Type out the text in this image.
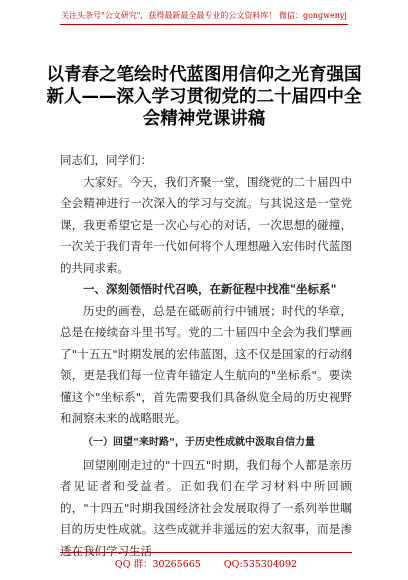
关注头条号"公文研究"，获得最新最全最专业的公文资料库！ 微信：gongwenyj
以青春之笔绘时代蓝图用信仰之光育强国新人——深入学习贯彻党的二十届四中全会精神党课讲稿

同志们，同学们：

大家好。今天，我们齐聚一堂，围绕党的二十届四中全会精神进行一次深入的学习与交流。与其说这是一堂党课，我更希望它是一次心与心的对话，一次思想的碰撞，一次关于我们青年一代如何将个人理想融入宏伟时代蓝图的共同求索。

一、深刻领悟时代召唤，在新征程中找准"坐标系"

历史的画卷，总是在砥砺前行中铺展；时代的华章，总是在接续奋斗里书写。党的二十届四中全会为我们擘画了"十五五"时期发展的宏伟蓝图，这不仅是国家的行动纲领，更是我们每一位青年锚定人生航向的"坐标系"。要读懂这个"坐标系"，首先需要我们具备纵览全局的历史视野和洞察未来的战略眼光。

（一）回望"来时路"，于历史性成就中汲取自信力量

回望刚刚走过的"十四五"时期，我们每个人都是亲历者见证者和受益者。正如我们在学习材料中所回顾的，"十四五"时期我国经济社会发展取得了一系列举世瞩目的历史性成就。这些成就并非遥远的宏大叙事，而是渗透在我们学习生活

QQ 群：30265665 QQ:535304092
